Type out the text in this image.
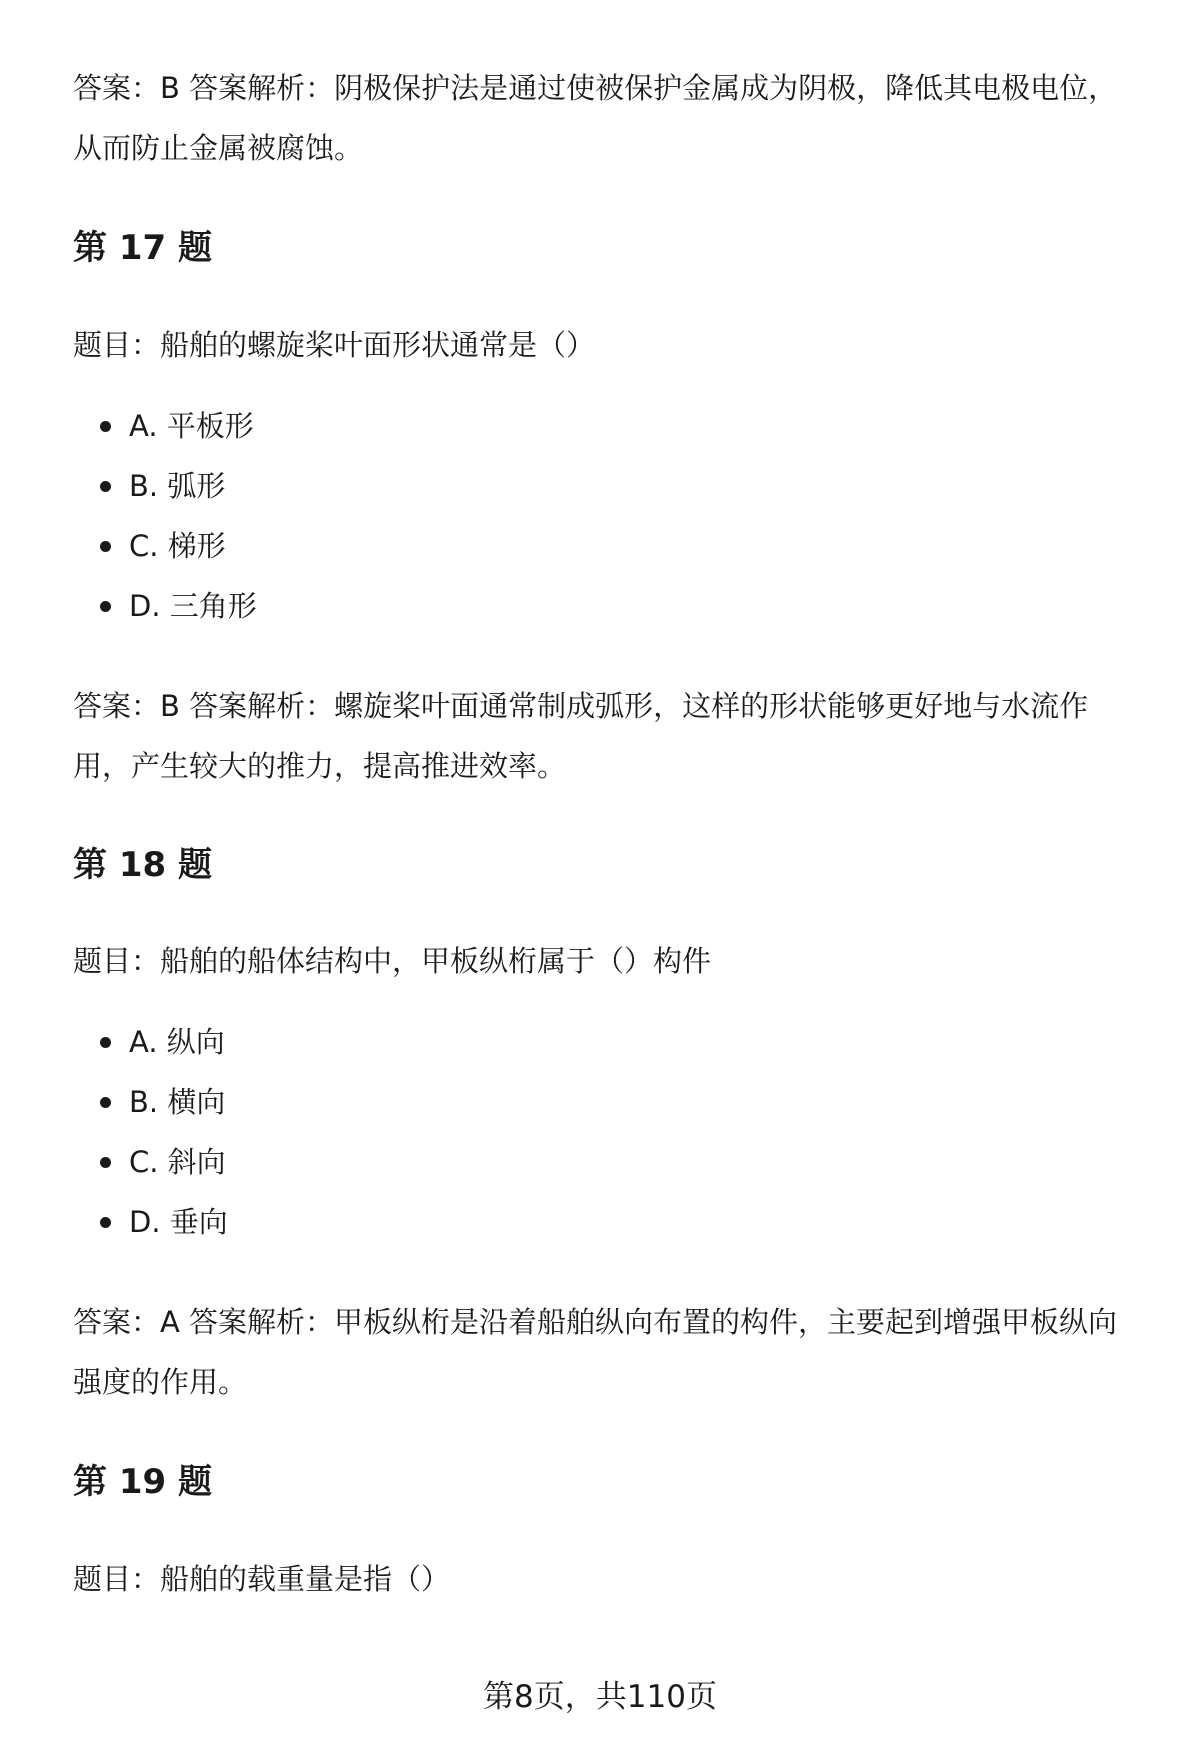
答案：B 答案解析：阴极保护法是通过使被保护金属成为阴极，降低其电极电位，
从而防止金属被腐蚀。
第 17 题

题目：船舶的螺旋桨叶面形状通常是（）

A. 平板形
B. 弧形
C. 梯形
D. 三角形
答案：B 答案解析：螺旋桨叶面通常制成弧形，这样的形状能够更好地与水流作
用，产生较大的推力，提高推进效率。
第 18 题

题目：船舶的船体结构中，甲板纵桁属于（）构件

A. 纵向
B. 横向
C. 斜向
D. 垂向
答案：A 答案解析：甲板纵桁是沿着船舶纵向布置的构件，主要起到增强甲板纵向
强度的作用。
第 19 题

题目：船舶的载重量是指（）

第8页，共110页
